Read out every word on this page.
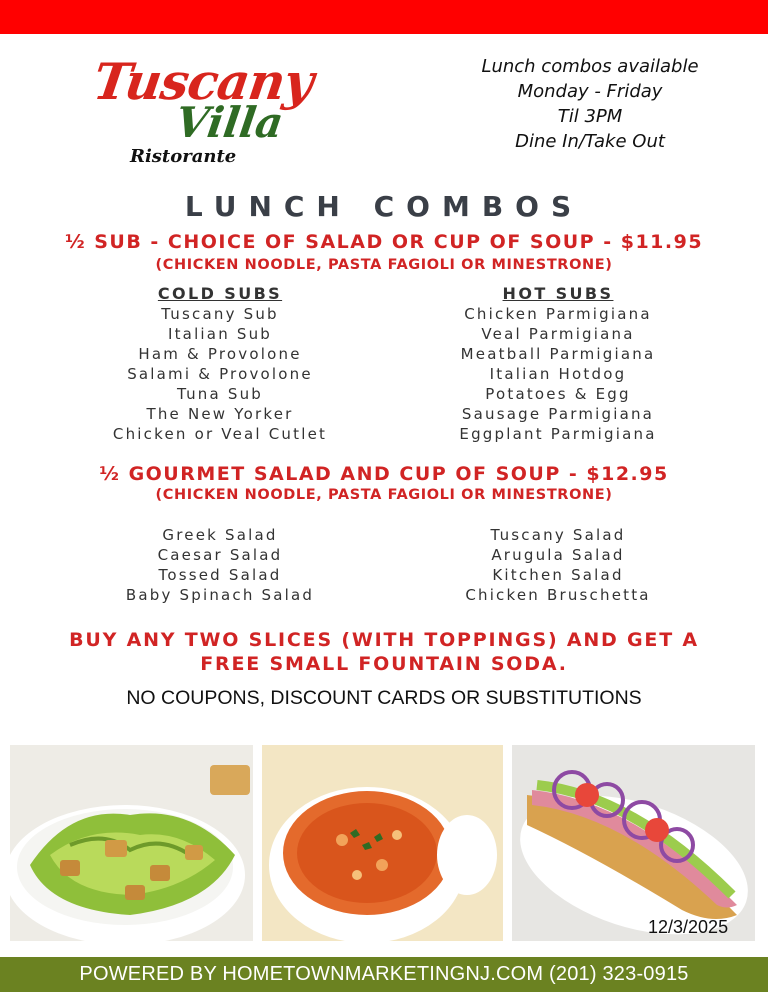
Tuscany
Villa
Ristorante
Lunch combos available
Monday - Friday
Til 3PM
Dine In/Take Out
LUNCH COMBOS
½ SUB - CHOICE OF SALAD OR CUP OF SOUP - $11.95
(CHICKEN NOODLE, PASTA FAGIOLI OR MINESTRONE)
COLD SUBS
Tuscany Sub
Italian Sub
Ham & Provolone
Salami & Provolone
Tuna Sub
The New Yorker
Chicken or Veal Cutlet
HOT SUBS
Chicken Parmigiana
Veal Parmigiana
Meatball Parmigiana
Italian Hotdog
Potatoes & Egg
Sausage Parmigiana
Eggplant Parmigiana
½ GOURMET SALAD AND CUP OF SOUP - $12.95
(CHICKEN NOODLE, PASTA FAGIOLI OR MINESTRONE)
Greek Salad
Caesar Salad
Tossed Salad
Baby Spinach Salad
Tuscany Salad
Arugula Salad
Kitchen Salad
Chicken Bruschetta
BUY ANY TWO SLICES (WITH TOPPINGS) AND GET A
FREE SMALL FOUNTAIN SODA.
NO COUPONS, DISCOUNT CARDS OR SUBSTITUTIONS
12/3/2025
POWERED BY HOMETOWNMARKETINGNJ.COM (201) 323-0915
